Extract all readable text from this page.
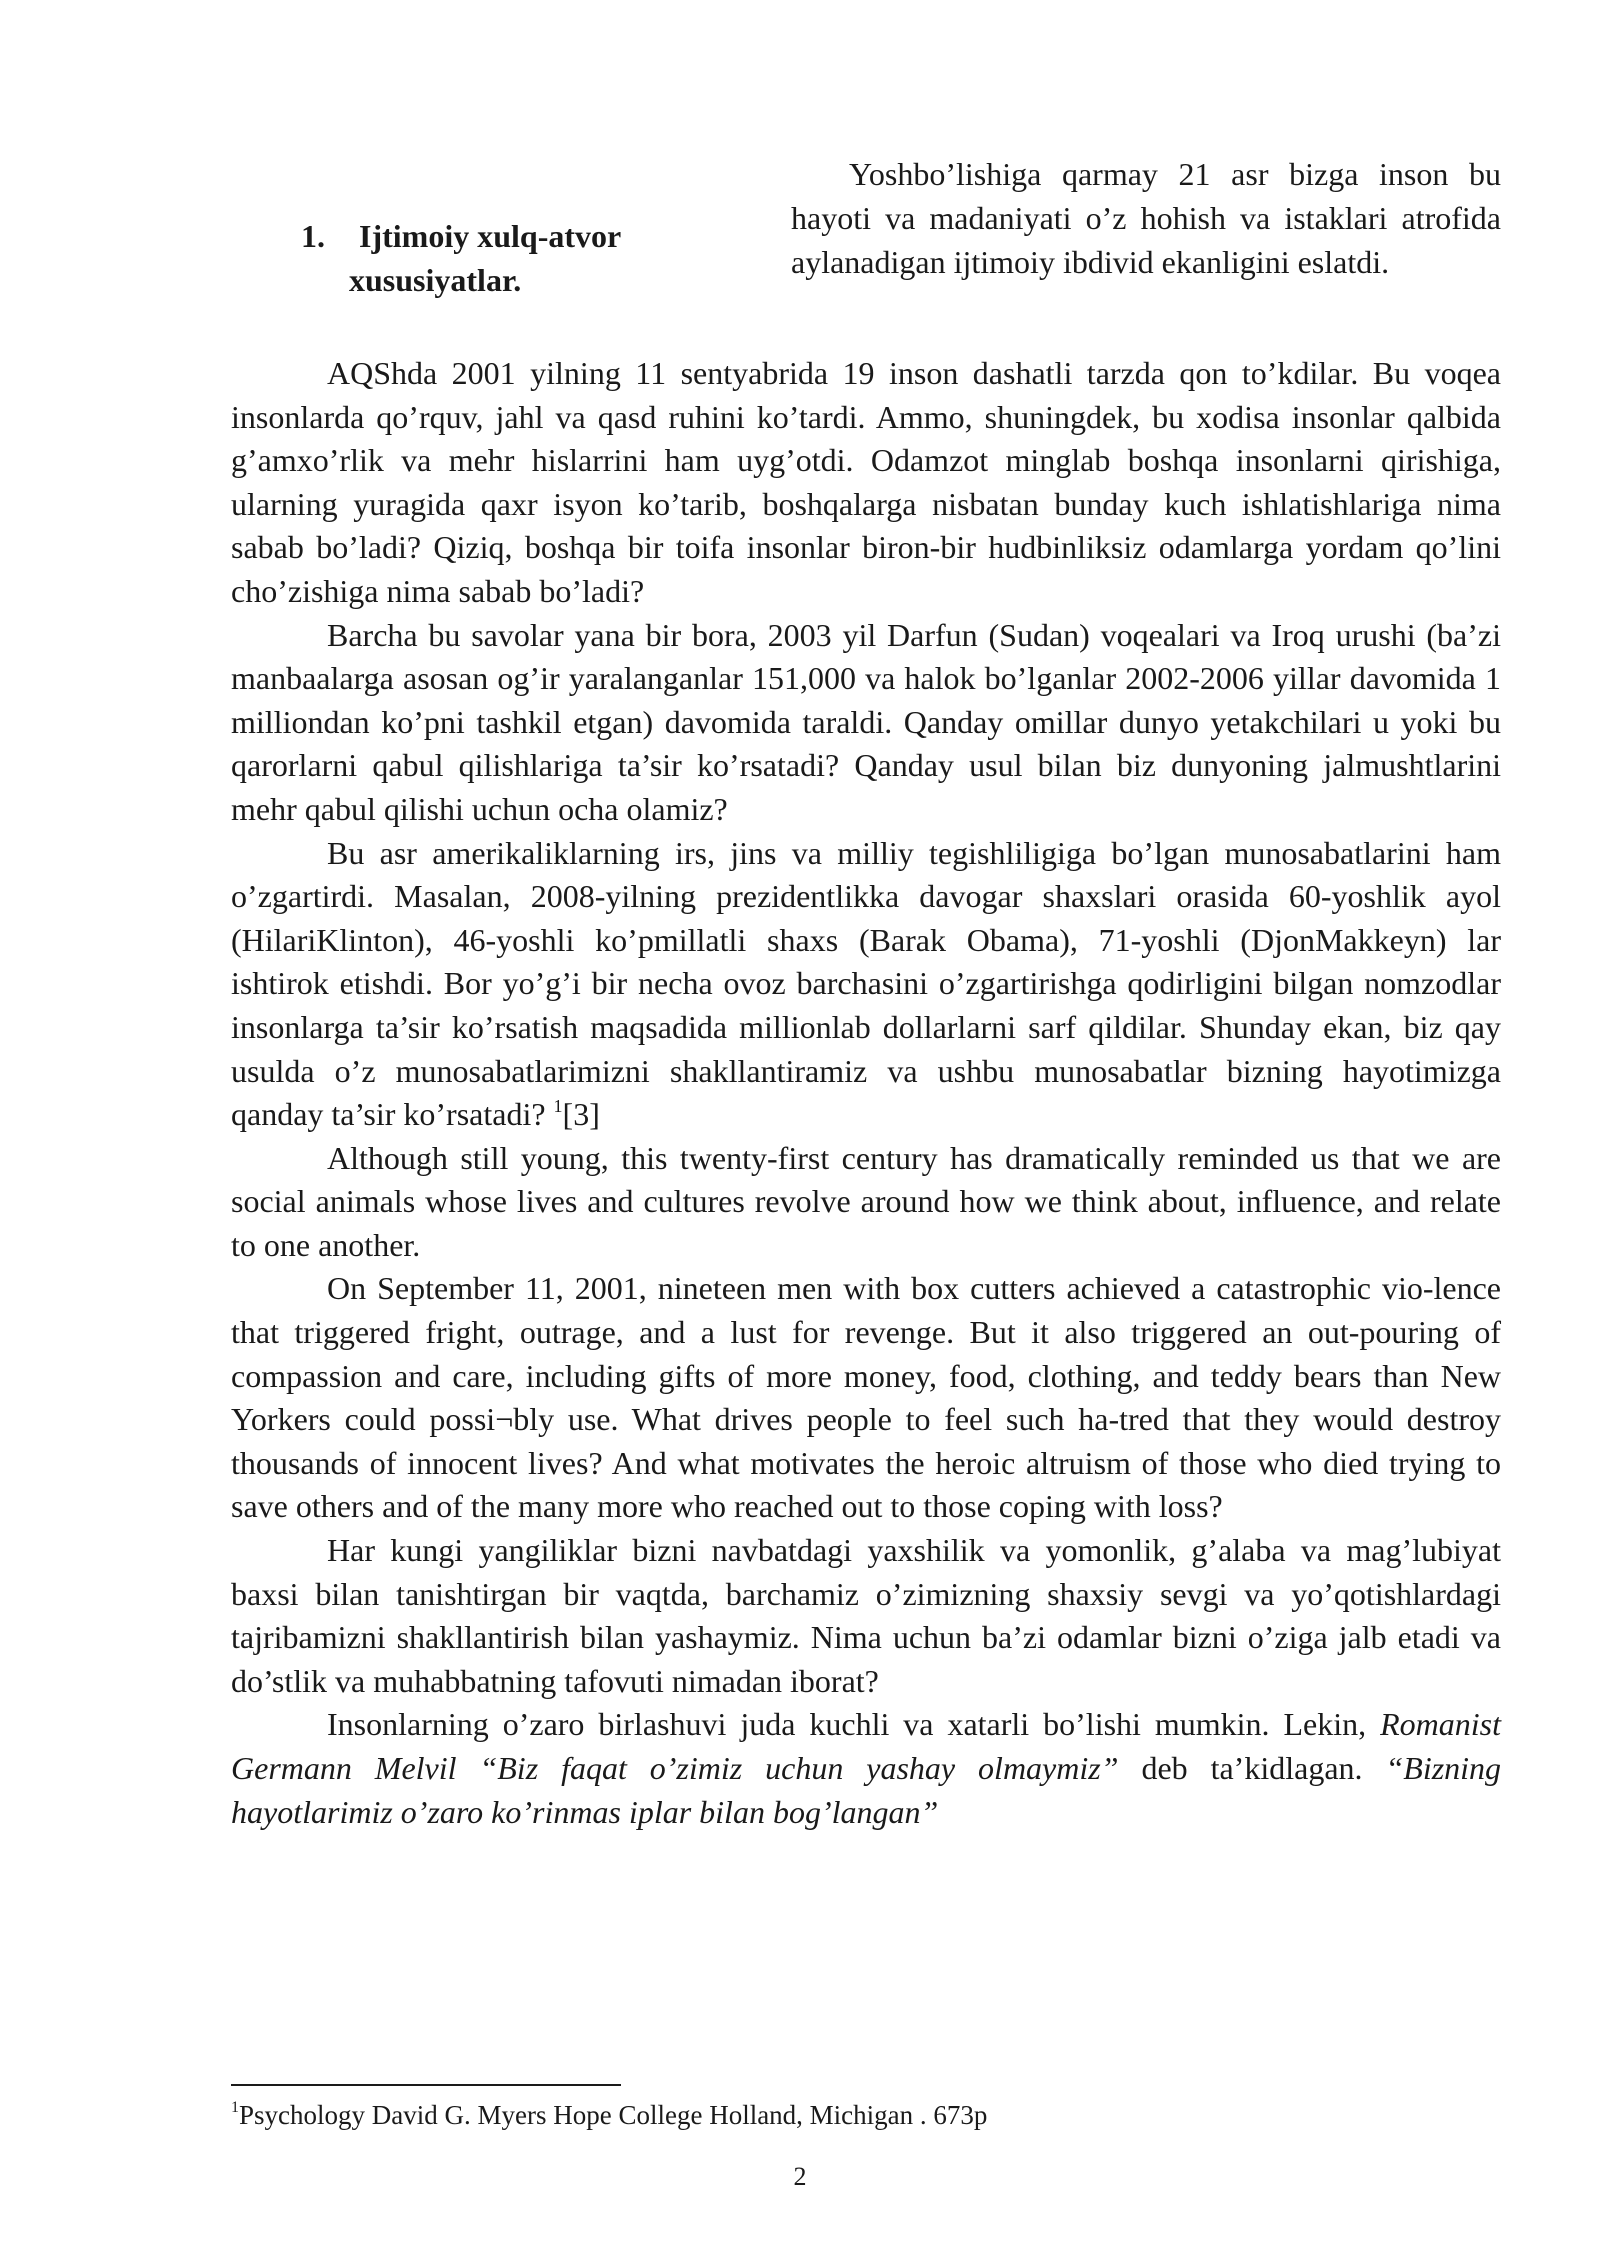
1. Ijtimoiy xulq-atvor
xususiyatlar.

Yoshbo’lishiga qarmay 21 asr bizga inson bu hayoti va madaniyati o’z hohish va istaklari atrofida aylanadigan ijtimoiy ibdivid ekanligini eslatdi.

AQShda 2001 yilning 11 sentyabrida 19 inson dashatli tarzda qon to’kdilar. Bu voqea insonlarda qo’rquv, jahl va qasd ruhini ko’tardi. Ammo, shuningdek, bu xodisa insonlar qalbida g’amxo’rlik va mehr hislarrini ham uyg’otdi. Odamzot minglab boshqa insonlarni qirishiga, ularning yuragida qaxr isyon ko’tarib, boshqalarga nisbatan bunday kuch ishlatishlariga nima sabab bo’ladi? Qiziq, boshqa bir toifa insonlar biron-bir hudbinliksiz odamlarga yordam qo’lini cho’zishiga nima sabab bo’ladi?

Barcha bu savolar yana bir bora, 2003 yil Darfun (Sudan) voqealari va Iroq urushi (ba’zi manbaalarga asosan og’ir yaralanganlar 151,000 va halok bo’lganlar 2002-2006 yillar davomida 1 milliondan ko’pni tashkil etgan) davomida taraldi. Qanday omillar dunyo yetakchilari u yoki bu qarorlarni qabul qilishlariga ta’sir ko’rsatadi? Qanday usul bilan biz dunyoning jalmushtlarini mehr qabul qilishi uchun ocha olamiz?

Bu asr amerikaliklarning irs, jins va milliy tegishliligiga bo’lgan munosabatlarini ham o’zgartirdi. Masalan, 2008-yilning prezidentlikka davogar shaxslari orasida 60-yoshlik ayol (HilariKlinton), 46-yoshli ko’pmillatli shaxs (Barak Obama), 71-yoshli (DjonMakkeyn) lar ishtirok etishdi. Bor yo’g’i bir necha ovoz barchasini o’zgartirishga qodirligini bilgan nomzodlar insonlarga ta’sir ko’rsatish maqsadida millionlab dollarlarni sarf qildilar. Shunday ekan, biz qay usulda o’z munosabatlarimizni shakllantiramiz va ushbu munosabatlar bizning hayotimizga qanday ta’sir ko’rsatadi? $^1$[3]

Although still young, this twenty-first century has dramatically reminded us that we are social animals whose lives and cultures revolve around how we think about, influence, and relate to one another.

On September 11, 2001, nineteen men with box cutters achieved a catastrophic vio-lence that triggered fright, outrage, and a lust for revenge. But it also triggered an out-pouring of compassion and care, including gifts of more money, food, clothing, and teddy bears than New Yorkers could possi¬bly use. What drives people to feel such ha-tred that they would destroy thousands of innocent lives? And what motivates the heroic altruism of those who died trying to save others and of the many more who reached out to those coping with loss?

Har kungi yangiliklar bizni navbatdagi yaxshilik va yomonlik, g’alaba va mag’lubiyat baxsi bilan tanishtirgan bir vaqtda, barchamiz o’zimizning shaxsiy sevgi va yo’qotishlardagi tajribamizni shakllantirish bilan yashaymiz. Nima uchun ba’zi odamlar bizni o’ziga jalb etadi va do’stlik va muhabbatning tafovuti nimadan iborat?

Insonlarning o’zaro birlashuvi juda kuchli va xatarli bo’lishi mumkin. Lekin, Romanist Germann Melvil “Biz faqat o’zimiz uchun yashay olmaymiz” deb ta’kidlagan. “Bizning hayotlarimiz o’zaro ko’rinmas iplar bilan bog’langan”

$^1$Psychology David G. Myers Hope College Holland, Michigan . 673p
2
